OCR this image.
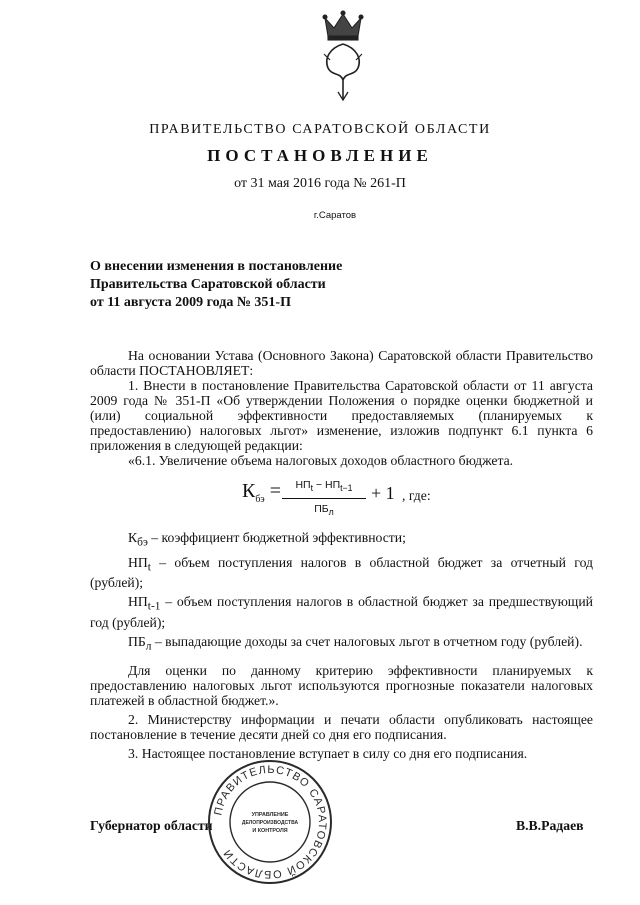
ПРАВИТЕЛЬСТВО САРАТОВСКОЙ ОБЛАСТИ
ПОСТАНОВЛЕНИЕ
от 31 мая 2016 года № 261-П
г.Саратов
О внесении изменения в постановление
Правительства Саратовской области
от 11 августа 2009 года № 351-П

На основании Устава (Основного Закона) Саратовской области Правительство области ПОСТАНОВЛЯЕТ:

1. Внести в постановление Правительства Саратовской области от 11 августа 2009 года № 351-П «Об утверждении Положения о порядке оценки бюджетной и (или) социальной эффективности предоставляемых (планируемых к предоставлению) налоговых льгот» изменение, изложив подпункт 6.1 пункта 6 приложения в следующей редакции:

«6.1. Увеличение объема налоговых доходов областного бюджета.

$К_{бэ}$ =	$НП_t - НП_{t-1}$
$ПБ_л$
+ 1 , где:

$К_{бэ}$ – коэффициент бюджетной эффективности;

$НП_t$ – объем поступления налогов в областной бюджет за отчетный год (рублей);

$НП_{t-1}$ – объем поступления налогов в областной бюджет за предшествующий год (рублей);

$ПБ_л$ – выпадающие доходы за счет налоговых льгот в отчетном году (рублей).

Для оценки по данному критерию эффективности планируемых к предоставлению налоговых льгот используются прогнозные показатели налоговых платежей в областной бюджет.».

2. Министерству информации и печати области опубликовать настоящее постановление в течение десяти дней со дня его подписания.

3. Настоящее постановление вступает в силу со дня его подписания.

Губернатор области	В.В.Радаев
ПРАВИТЕЛЬСТВО САРАТОВСКОЙ ОБЛАСТИ
УПРАВЛЕНИЕ
ДЕЛОПРОИЗВОДСТВА
И КОНТРОЛЯ
